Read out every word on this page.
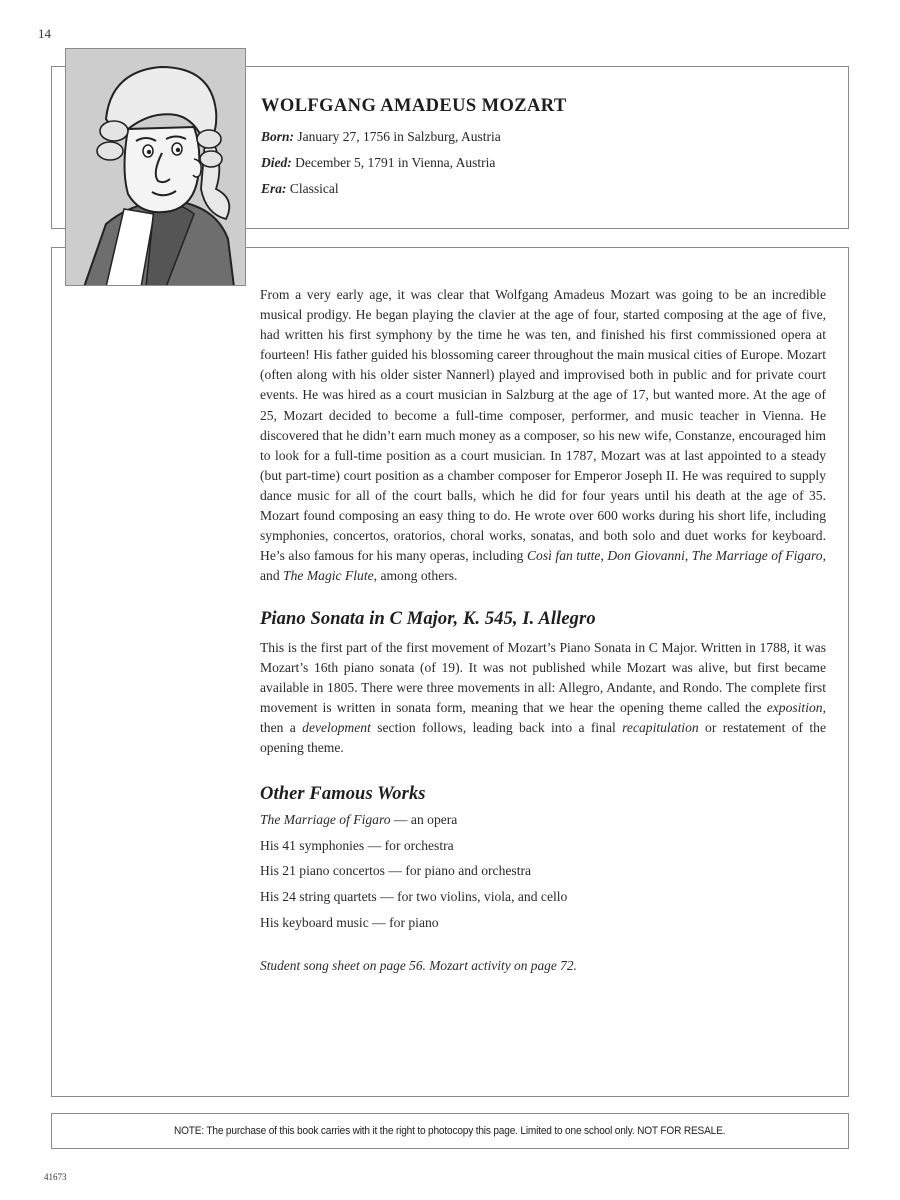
14
WOLFGANG AMADEUS MOZART

Born: January 27, 1756 in Salzburg, Austria

Died: December 5, 1791 in Vienna, Austria

Era: Classical

From a very early age, it was clear that Wolfgang Amadeus Mozart was going to be an incredible musical prodigy. He began playing the clavier at the age of four, started composing at the age of five, had written his first symphony by the time he was ten, and finished his first commissioned opera at fourteen! His father guided his blossoming career throughout the main musical cities of Europe. Mozart (often along with his older sister Nannerl) played and improvised both in public and for private court events. He was hired as a court musician in Salzburg at the age of 17, but wanted more. At the age of 25, Mozart decided to become a full-time composer, performer, and music teacher in Vienna. He discovered that he didn’t earn much money as a composer, so his new wife, Constanze, encouraged him to look for a full-time position as a court musician. In 1787, Mozart was at last appointed to a steady (but part-time) court position as a chamber composer for Emperor Joseph II. He was required to supply dance music for all of the court balls, which he did for four years until his death at the age of 35. Mozart found composing an easy thing to do. He wrote over 600 works during his short life, including symphonies, concertos, oratorios, choral works, sonatas, and both solo and duet works for keyboard. He’s also famous for his many operas, including Così fan tutte, Don Giovanni, The Marriage of Figaro, and The Magic Flute, among others.

Piano Sonata in C Major, K. 545, I. Allegro

This is the first part of the first movement of Mozart’s Piano Sonata in C Major. Written in 1788, it was Mozart’s 16th piano sonata (of 19). It was not published while Mozart was alive, but first became available in 1805. There were three movements in all: Allegro, Andante, and Rondo. The complete first movement is written in sonata form, meaning that we hear the opening theme called the exposition, then a development section follows, leading back into a final recapitulation or restatement of the opening theme.

Other Famous Works
The Marriage of Figaro — an opera
His 41 symphonies — for orchestra
His 21 piano concertos — for piano and orchestra
His 24 string quartets — for two violins, viola, and cello
His keyboard music — for piano

Student song sheet on page 56. Mozart activity on page 72.

NOTE: The purchase of this book carries with it the right to photocopy this page. Limited to one school only. NOT FOR RESALE.
41673
